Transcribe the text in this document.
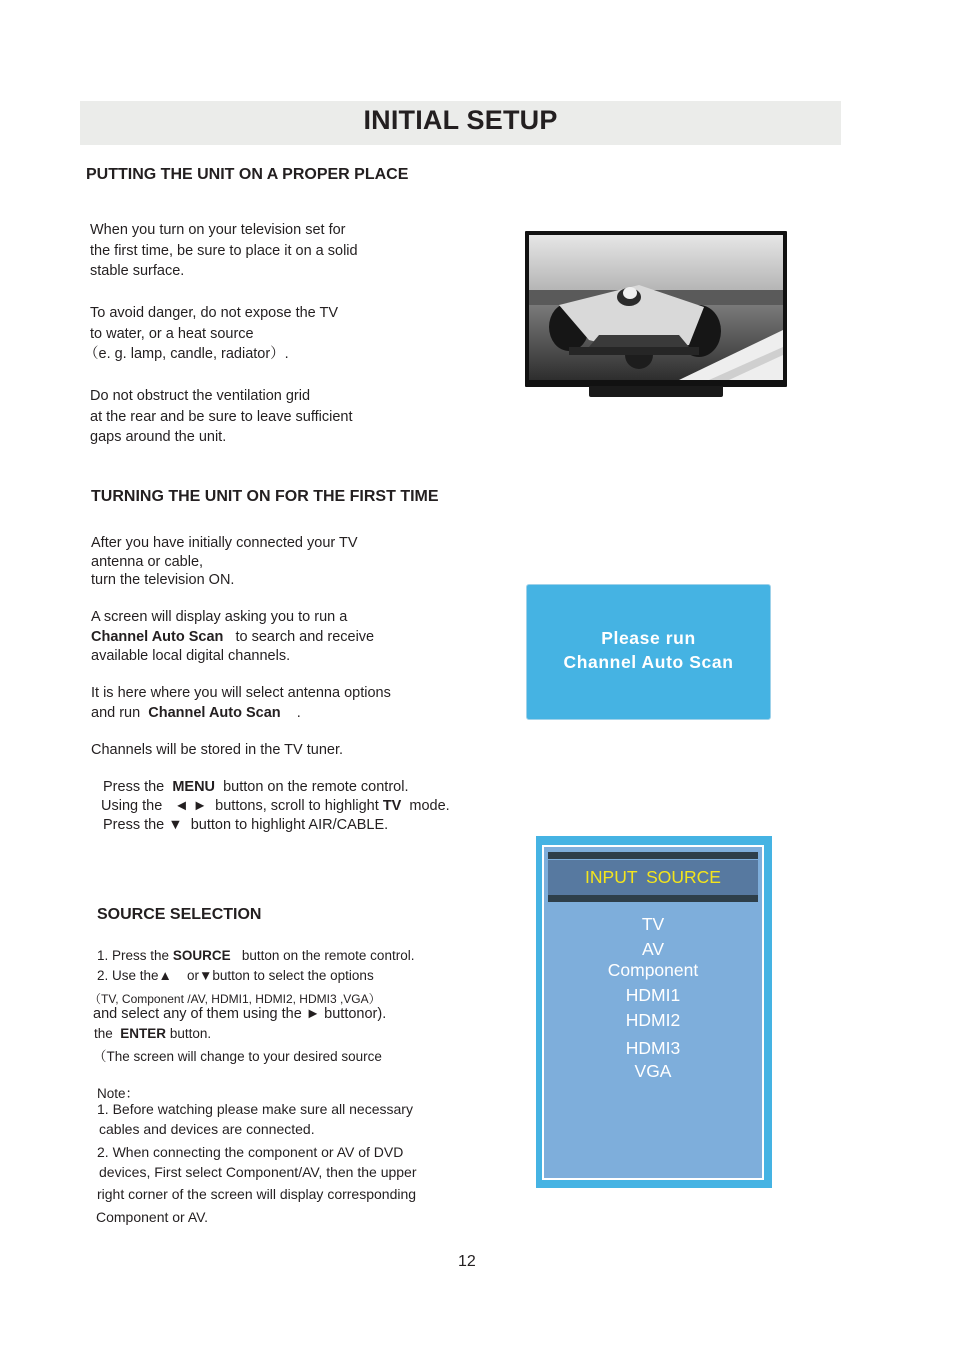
INITIAL SETUP
PUTTING THE UNIT ON A PROPER PLACE
When you turn on your television set for
the first time, be sure to place it on a solid
stable surface.
To avoid danger, do not expose the TV
to water, or a heat source
（e. g. lamp, candle, radiator）.
Do not obstruct the ventilation grid
at the rear and be sure to leave sufficient
gaps around the unit.
TURNING THE UNIT ON FOR THE FIRST TIME
After you have initially connected your TV
antenna or cable,
turn the television ON.
A screen will display asking you to run a
Channel Auto Scan to search and receive
available local digital channels.
It is here where you will select antenna options
and run Channel Auto Scan .
Channels will be stored in the TV tuner.
Press the MENU button on the remote control.
Using the ◄ ► buttons, scroll to highlight TV mode.
Press the ▼ button to highlight AIR/CABLE.
Please run
Channel Auto Scan
SOURCE SELECTION
1. Press the SOURCE button on the remote control.
2. Use the▲ or▼button to select the options
（TV, Component /AV, HDMI1, HDMI2, HDMI3 ,VGA）
and select any of them using the ► buttonor).
the ENTER button.
（The screen will change to your desired source
Note：
1. Before watching please make sure all necessary
cables and devices are connected.
2. When connecting the component or AV of DVD
devices, First select Component/AV, then the upper
right corner of the screen will display corresponding
Component or AV.
INPUT SOURCE
TV
AV
Component
HDMI1
HDMI2
HDMI3
VGA
12
